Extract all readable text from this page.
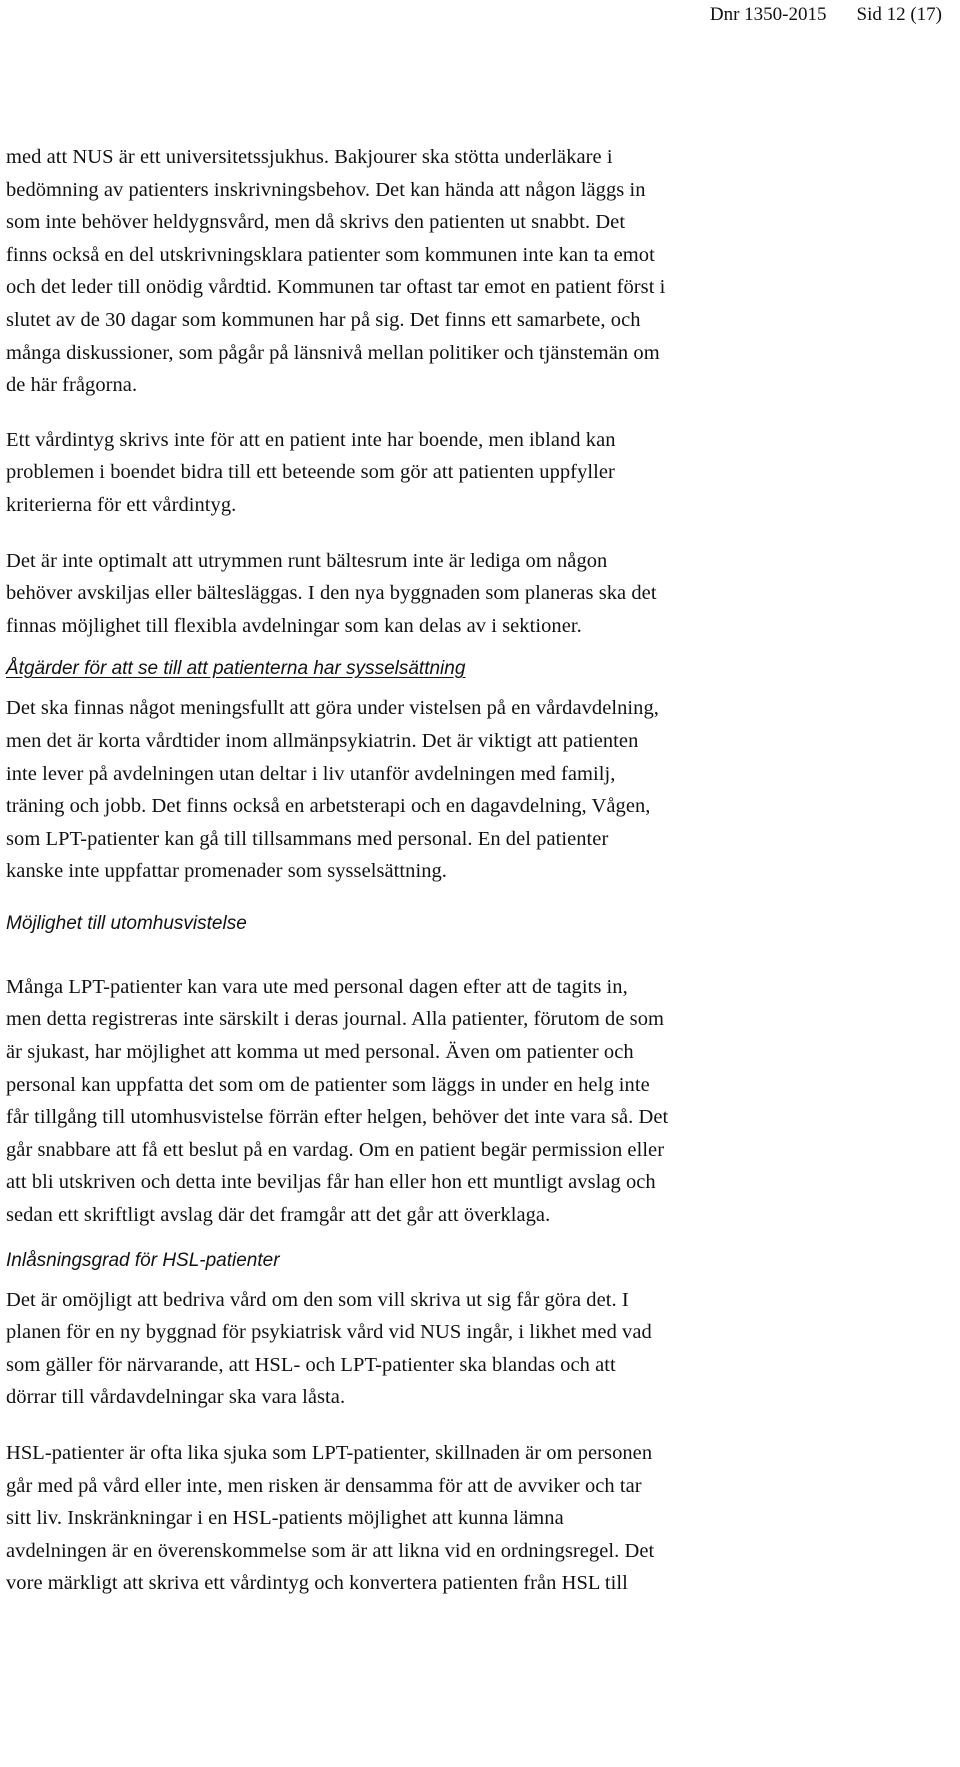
Dnr 1350-2015 Sid 12 (17)

med att NUS är ett universitetssjukhus. Bakjourer ska stötta underläkare i
bedömning av patienters inskrivningsbehov. Det kan hända att någon läggs in
som inte behöver heldygnsvård, men då skrivs den patienten ut snabbt. Det
finns också en del utskrivningsklara patienter som kommunen inte kan ta emot
och det leder till onödig vårdtid. Kommunen tar oftast tar emot en patient först i
slutet av de 30 dagar som kommunen har på sig. Det finns ett samarbete, och
många diskussioner, som pågår på länsnivå mellan politiker och tjänstemän om
de här frågorna.

Ett vårdintyg skrivs inte för att en patient inte har boende, men ibland kan
problemen i boendet bidra till ett beteende som gör att patienten uppfyller
kriterierna för ett vårdintyg.

Det är inte optimalt att utrymmen runt bältesrum inte är lediga om någon
behöver avskiljas eller bältesläggas. I den nya byggnaden som planeras ska det
finnas möjlighet till flexibla avdelningar som kan delas av i sektioner.

Åtgärder för att se till att patienterna har sysselsättning

Det ska finnas något meningsfullt att göra under vistelsen på en vårdavdelning,
men det är korta vårdtider inom allmänpsykiatrin. Det är viktigt att patienten
inte lever på avdelningen utan deltar i liv utanför avdelningen med familj,
träning och jobb. Det finns också en arbetsterapi och en dagavdelning, Vågen,
som LPT-patienter kan gå till tillsammans med personal. En del patienter
kanske inte uppfattar promenader som sysselsättning.

Möjlighet till utomhusvistelse

Många LPT-patienter kan vara ute med personal dagen efter att de tagits in,
men detta registreras inte särskilt i deras journal. Alla patienter, förutom de som
är sjukast, har möjlighet att komma ut med personal. Även om patienter och
personal kan uppfatta det som om de patienter som läggs in under en helg inte
får tillgång till utomhusvistelse förrän efter helgen, behöver det inte vara så. Det
går snabbare att få ett beslut på en vardag. Om en patient begär permission eller
att bli utskriven och detta inte beviljas får han eller hon ett muntligt avslag och
sedan ett skriftligt avslag där det framgår att det går att överklaga.

Inlåsningsgrad för HSL-patienter

Det är omöjligt att bedriva vård om den som vill skriva ut sig får göra det. I
planen för en ny byggnad för psykiatrisk vård vid NUS ingår, i likhet med vad
som gäller för närvarande, att HSL- och LPT-patienter ska blandas och att
dörrar till vårdavdelningar ska vara låsta.

HSL-patienter är ofta lika sjuka som LPT-patienter, skillnaden är om personen
går med på vård eller inte, men risken är densamma för att de avviker och tar
sitt liv. Inskränkningar i en HSL-patients möjlighet att kunna lämna
avdelningen är en överenskommelse som är att likna vid en ordningsregel. Det
vore märkligt att skriva ett vårdintyg och konvertera patienten från HSL till
